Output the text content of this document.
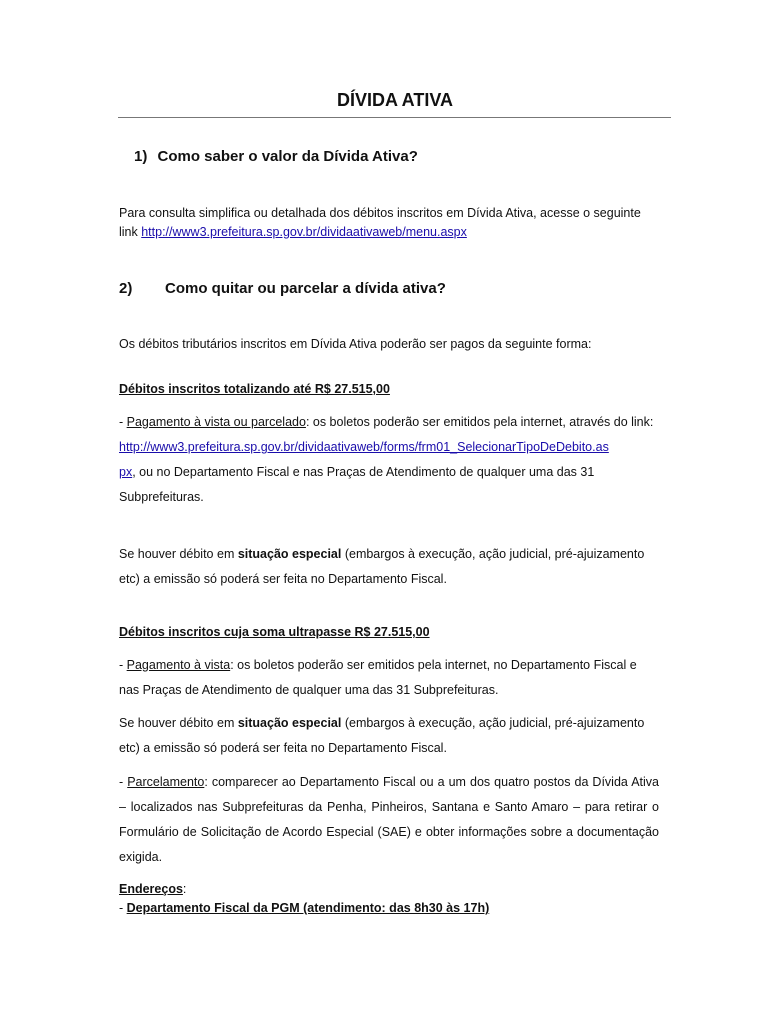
DÍVIDA ATIVA
1) Como saber o valor da Dívida Ativa?
Para consulta simplifica ou detalhada dos débitos inscritos em Dívida Ativa, acesse o seguinte link http://www3.prefeitura.sp.gov.br/dividaativaweb/menu.aspx
2) Como quitar ou parcelar a dívida ativa?
Os débitos tributários inscritos em Dívida Ativa poderão ser pagos da seguinte forma:
Débitos inscritos totalizando até R$ 27.515,00
- Pagamento à vista ou parcelado: os boletos poderão ser emitidos pela internet, através do link:
http://www3.prefeitura.sp.gov.br/dividaativaweb/forms/frm01_SelecionarTipoDeDebito.as
px, ou no Departamento Fiscal e nas Praças de Atendimento de qualquer uma das 31 Subprefeituras.
Se houver débito em situação especial (embargos à execução, ação judicial, pré-ajuizamento etc) a emissão só poderá ser feita no Departamento Fiscal.
Débitos inscritos cuja soma ultrapasse R$ 27.515,00
- Pagamento à vista: os boletos poderão ser emitidos pela internet, no Departamento Fiscal e nas Praças de Atendimento de qualquer uma das 31 Subprefeituras.
Se houver débito em situação especial (embargos à execução, ação judicial, pré-ajuizamento etc) a emissão só poderá ser feita no Departamento Fiscal.
- Parcelamento: comparecer ao Departamento Fiscal ou a um dos quatro postos da Dívida Ativa – localizados nas Subprefeituras da Penha, Pinheiros, Santana e Santo Amaro – para retirar o Formulário de Solicitação de Acordo Especial (SAE) e obter informações sobre a documentação exigida.
Endereços:
- Departamento Fiscal da PGM (atendimento: das 8h30 às 17h)
